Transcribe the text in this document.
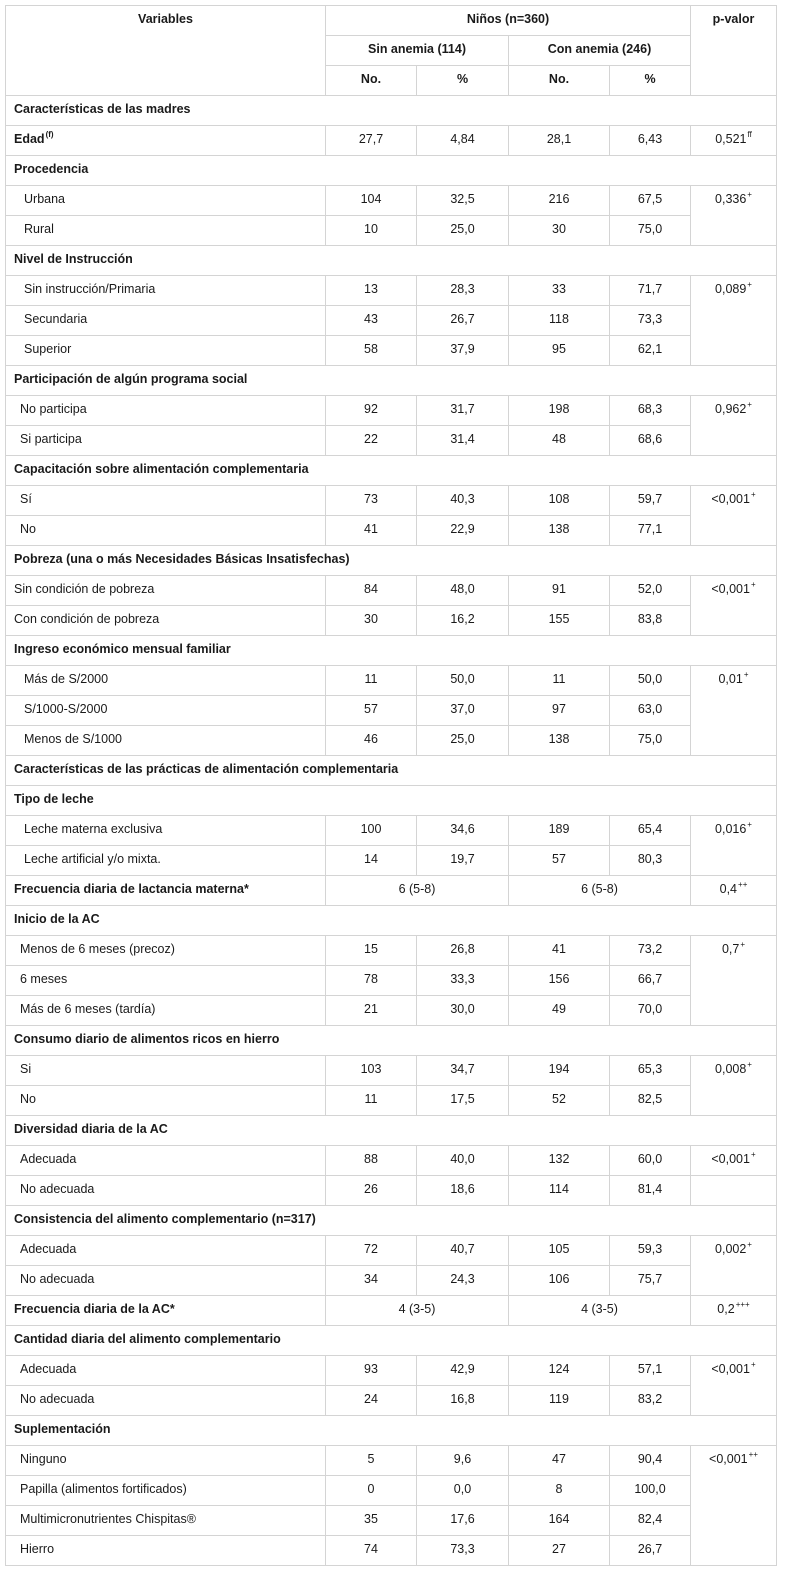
Variables	Niños (n=360)				p-valor
	Sin anemia (114)		Con anemia (246)		
	No.	%	No.	%	
Características de las madres					
Edad$^{(f)}$	27,7	4,84	28,1	6,43	0,521$^{ff}$
Procedencia					
Urbana	104	32,5	216	67,5	0,336+
Rural	10	25,0	30	75,0	
Nivel de Instrucción					
Sin instrucción/Primaria	13	28,3	33	71,7	0,089+
Secundaria	43	26,7	118	73,3	
Superior	58	37,9	95	62,1	
Participación de algún programa social					
No participa	92	31,7	198	68,3	0,962+
Si participa	22	31,4	48	68,6	
Capacitación sobre alimentación complementaria					
Sí	73	40,3	108	59,7	<0,001+
No	41	22,9	138	77,1	
Pobreza (una o más Necesidades Básicas Insatisfechas)					
Sin condición de pobreza	84	48,0	91	52,0	<0,001+
Con condición de pobreza	30	16,2	155	83,8	
Ingreso económico mensual familiar					
Más de S/2000	11	50,0	11	50,0	0,01+
S/1000-S/2000	57	37,0	97	63,0	
Menos de S/1000	46	25,0	138	75,0	
Características de las prácticas de alimentación complementaria					
Tipo de leche					
Leche materna exclusiva	100	34,6	189	65,4	0,016+
Leche artificial y/o mixta.	14	19,7	57	80,3	
Frecuencia diaria de lactancia materna*	6 (5-8)		6 (5-8)		0,4++
Inicio de la AC					
Menos de 6 meses (precoz)	15	26,8	41	73,2	0,7+
6 meses	78	33,3	156	66,7	
Más de 6 meses (tardía)	21	30,0	49	70,0	
Consumo diario de alimentos ricos en hierro					
Si	103	34,7	194	65,3	0,008+
No	11	17,5	52	82,5	
Diversidad diaria de la AC					
Adecuada	88	40,0	132	60,0	<0,001+
No adecuada	26	18,6	114	81,4	
Consistencia del alimento complementario (n=317)					
Adecuada	72	40,7	105	59,3	0,002+
No adecuada	34	24,3	106	75,7	
Frecuencia diaria de la AC*	4 (3-5)		4 (3-5)		0,2+++
Cantidad diaria del alimento complementario					
Adecuada	93	42,9	124	57,1	<0,001+
No adecuada	24	16,8	119	83,2	
Suplementación					
Ninguno	5	9,6	47	90,4	<0,001++
Papilla (alimentos fortificados)	0	0,0	8	100,0	
Multimicronutrientes Chispitas®	35	17,6	164	82,4	
Hierro	74	73,3	27	26,7	
